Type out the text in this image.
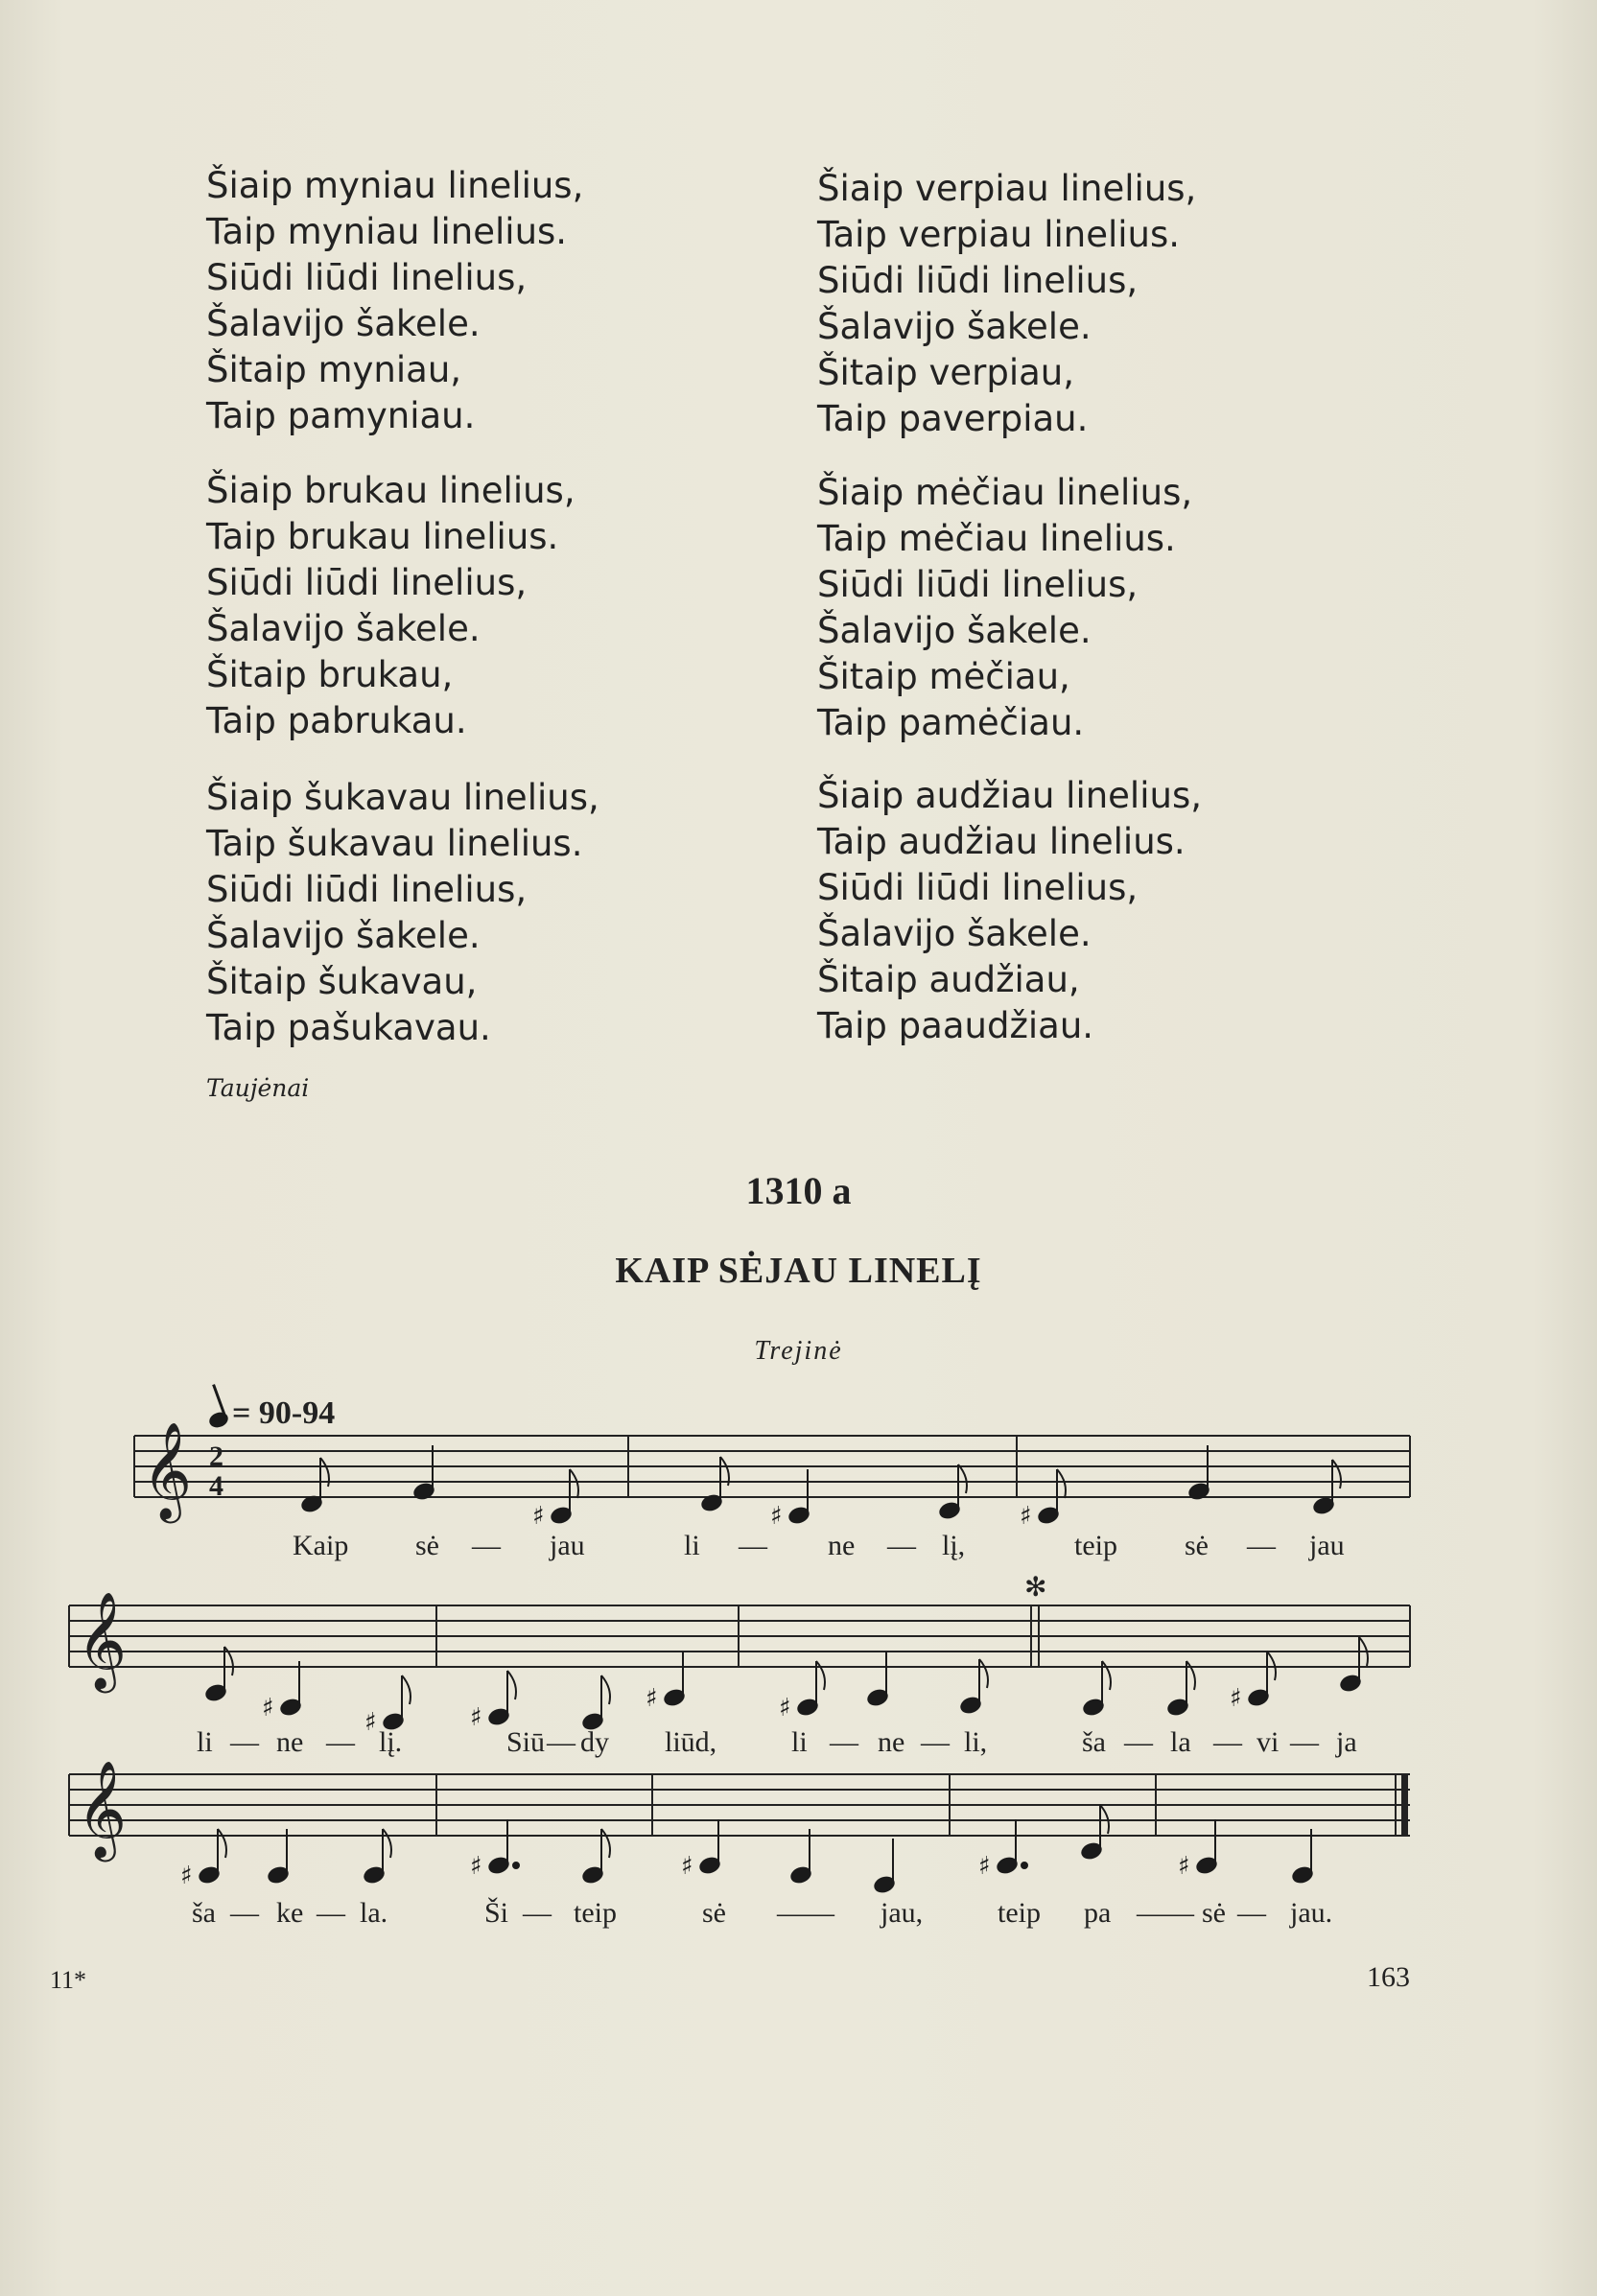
Šiaip myniau linelius,
Taip myniau linelius.
Siūdi liūdi linelius,
Šalavijo šakele.
Šitaip myniau,
Taip pamyniau.
Šiaip brukau linelius,
Taip brukau linelius.
Siūdi liūdi linelius,
Šalavijo šakele.
Šitaip brukau,
Taip pabrukau.
Šiaip šukavau linelius,
Taip šukavau linelius.
Siūdi liūdi linelius,
Šalavijo šakele.
Šitaip šukavau,
Taip pašukavau.
Šiaip verpiau linelius,
Taip verpiau linelius.
Siūdi liūdi linelius,
Šalavijo šakele.
Šitaip verpiau,
Taip paverpiau.
Šiaip mėčiau linelius,
Taip mėčiau linelius.
Siūdi liūdi linelius,
Šalavijo šakele.
Šitaip mėčiau,
Taip pamėčiau.
Šiaip audžiau linelius,
Taip audžiau linelius.
Siūdi liūdi linelius,
Šalavijo šakele.
Šitaip audžiau,
Taip paaudžiau.
Taujėnai
1310 a
KAIP SĖJAU LINELĮ
Trejinė
= 90-94
𝄞
𝄞
𝄞
2
4
✻
♯	♯	♯
♯	♯	♯
♯	♯	♯
♯	♯	♯	♯	♯
Kaip sė — jau	li — ne — lį,	teip sė — jau
li — ne — lį.	Siū — dy liūd,	li — ne — li,	ša — la — vi — ja
ša — ke — la.	Ši — teip	sė —— jau,	teip pa —— sė — jau.
11*	163
